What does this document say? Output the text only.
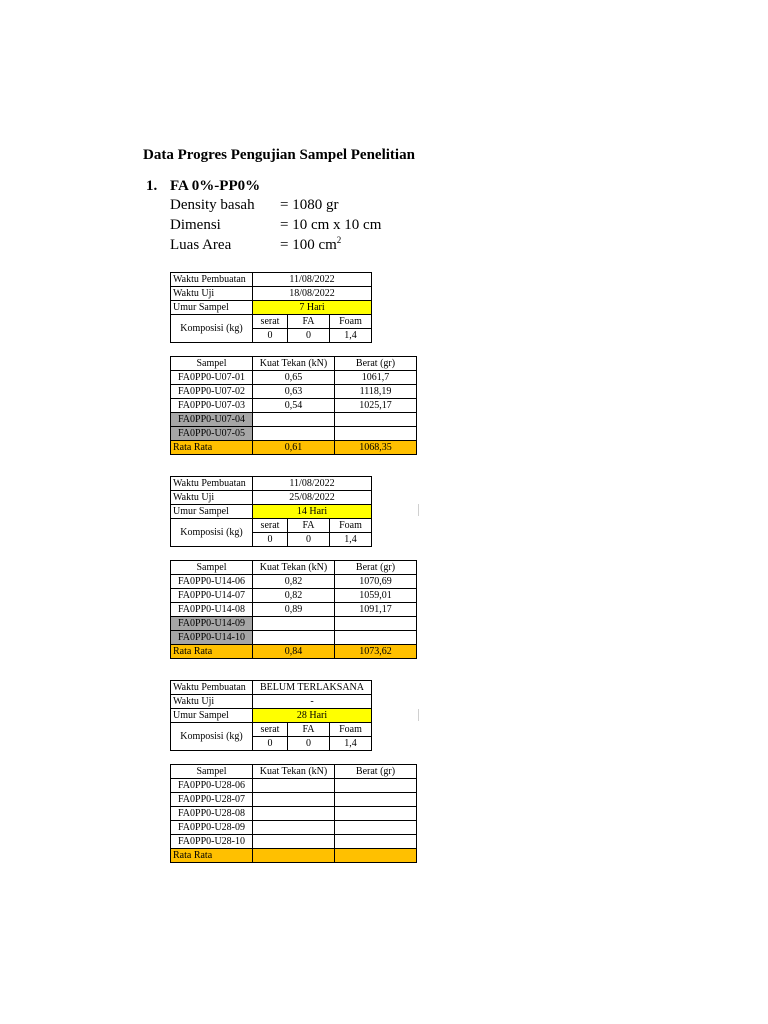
Data Progres Pengujian Sampel Penelitian
1. FA 0%-PP0%
Density basah = 1080 gr
Dimensi	= 10 cm x 10 cm
Luas Area	= 100 $cm^2$
Waktu Pembuatan	11/08/2022		
Waktu Uji	18/08/2022		
Umur Sampel	7 Hari		
Komposisi (kg)	serat	FA	Foam
	0	0	1,4
Sampel	Kuat Tekan (kN)	Berat (gr)
FA0PP0-U07-01	0,65	1061,7
FA0PP0-U07-02	0,63	1118,19
FA0PP0-U07-03	0,54	1025,17
FA0PP0-U07-04		
FA0PP0-U07-05		
Rata Rata	0,61	1068,35
Waktu Pembuatan	11/08/2022		
Waktu Uji	25/08/2022		
Umur Sampel	14 Hari		
Komposisi (kg)	serat	FA	Foam
	0	0	1,4
Sampel	Kuat Tekan (kN)	Berat (gr)
FA0PP0-U14-06	0,82	1070,69
FA0PP0-U14-07	0,82	1059,01
FA0PP0-U14-08	0,89	1091,17
FA0PP0-U14-09		
FA0PP0-U14-10		
Rata Rata	0,84	1073,62
Waktu Pembuatan	BELUM TERLAKSANA		
Waktu Uji	-		
Umur Sampel	28 Hari		
Komposisi (kg)	serat	FA	Foam
	0	0	1,4
Sampel	Kuat Tekan (kN)	Berat (gr)
FA0PP0-U28-06		
FA0PP0-U28-07		
FA0PP0-U28-08		
FA0PP0-U28-09		
FA0PP0-U28-10		
Rata Rata		
